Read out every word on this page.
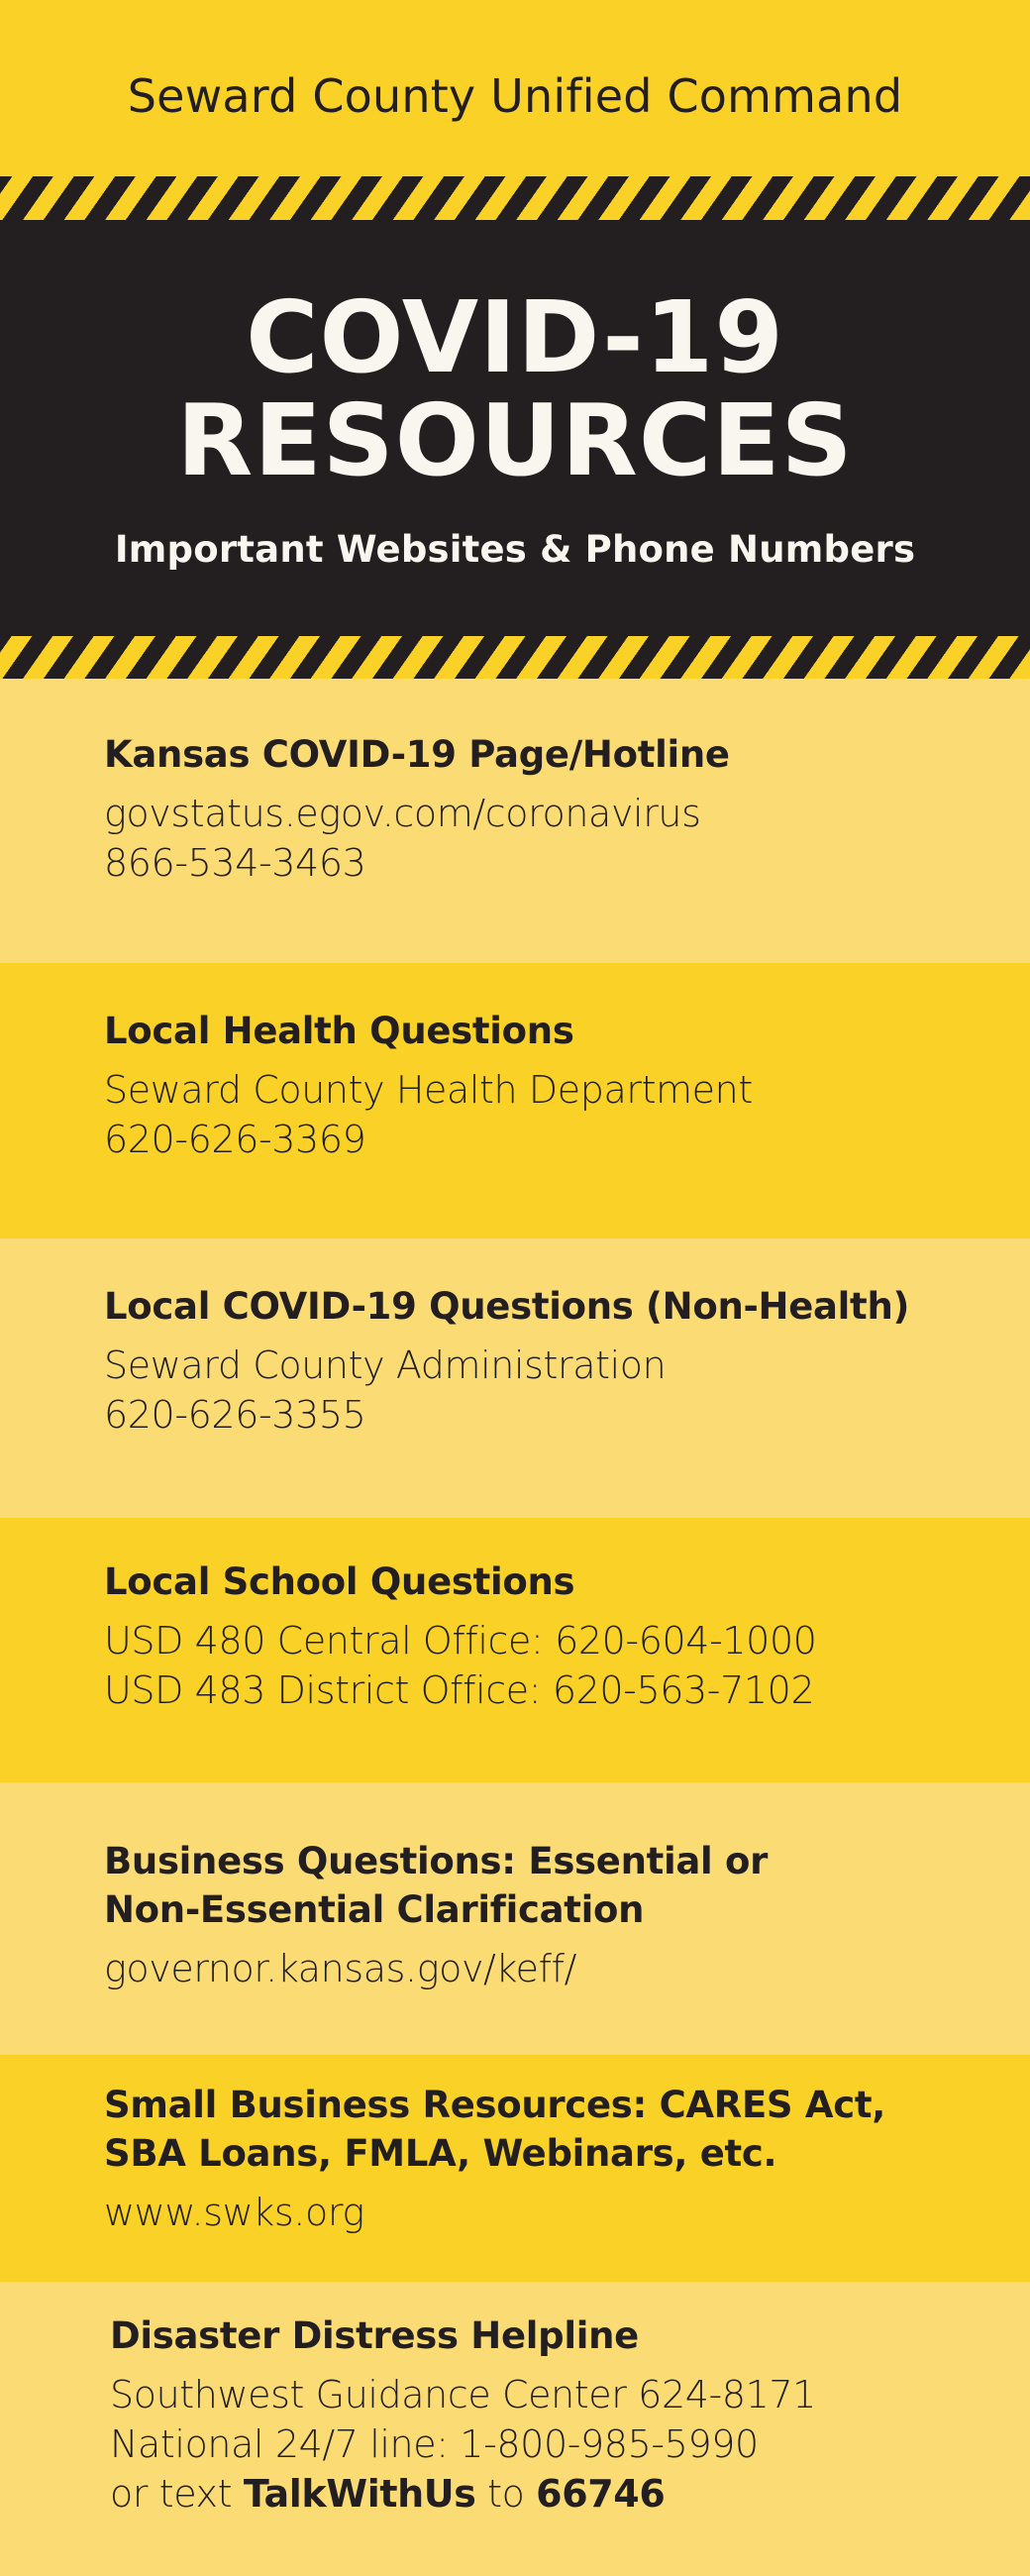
Seward County Unified Command
COVID-19
RESOURCES
Important Websites & Phone Numbers
Kansas COVID-19 Page/Hotline
govstatus.egov.com/coronavirus
866-534-3463
Local Health Questions
Seward County Health Department
620-626-3369
Local COVID-19 Questions (Non-Health)
Seward County Administration
620-626-3355
Local School Questions
USD 480 Central Office: 620-604-1000
USD 483 District Office: 620-563-7102
Business Questions: Essential or
Non-Essential Clarification
governor.kansas.gov/keff/
Small Business Resources: CARES Act,
SBA Loans, FMLA, Webinars, etc.
www.swks.org
Disaster Distress Helpline
Southwest Guidance Center 624-8171
National 24/7 line: 1-800-985-5990
or text TalkWithUs to 66746
